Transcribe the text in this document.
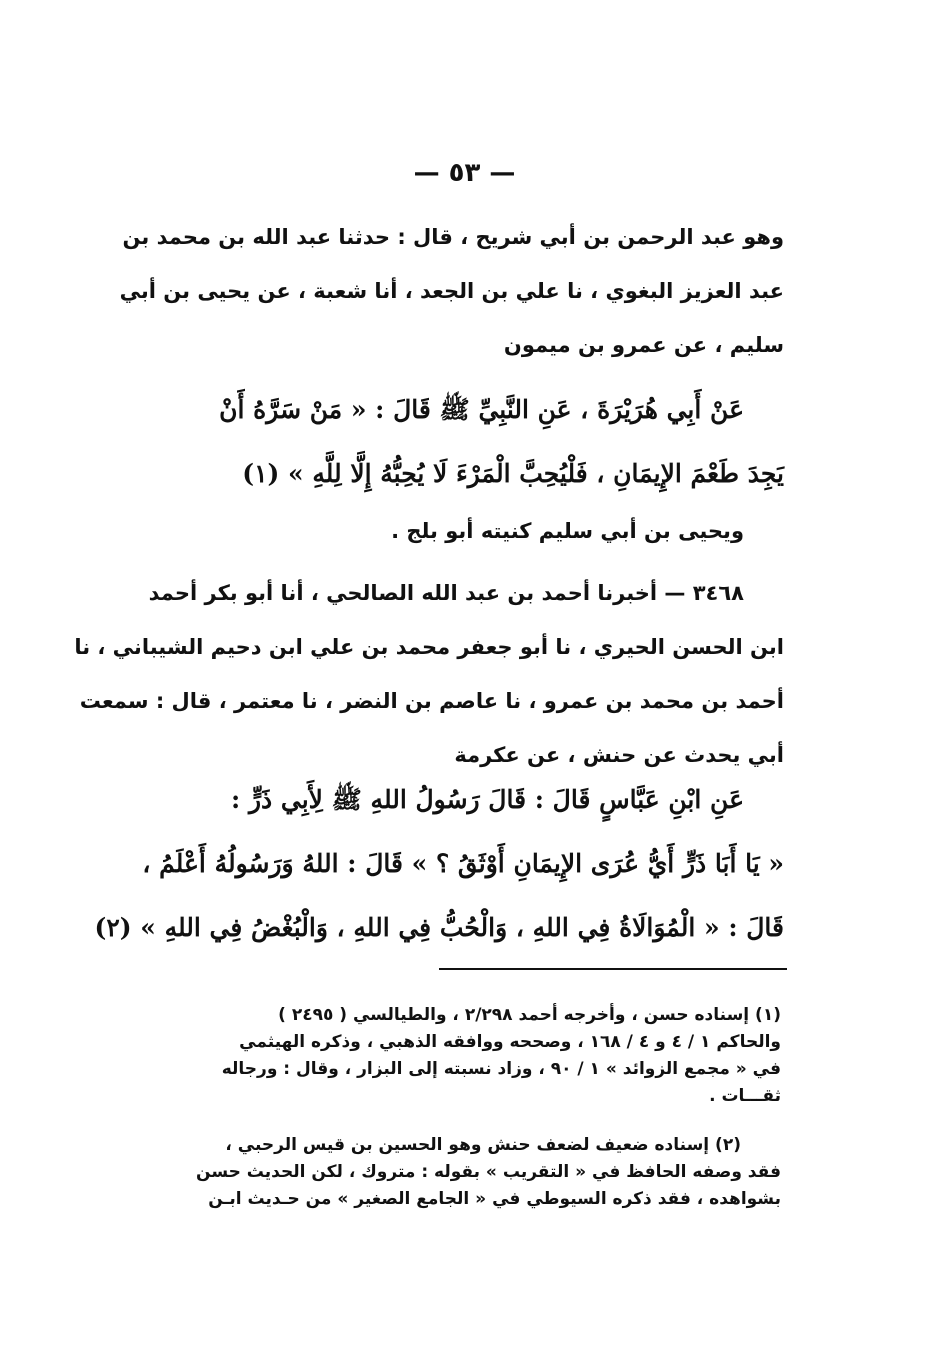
— ٥٣ —
وهو عبد الرحمن بن أبي شريح ، قال : حدثنا عبد الله بن محمد بن
عبد العزيز البغوي ، نا علي بن الجعد ، أنا شعبة ، عن يحيى بن أبي
سليم ، عن عمرو بن ميمون
عَنْ أَبِي هُرَيْرَةَ ، عَنِ النَّبِيِّ ﷺ قَالَ : « مَنْ سَرَّهُ أَنْ
يَجِدَ طَعْمَ الإِيمَانِ ، فَلْيُحِبَّ الْمَرْءَ لَا يُحِبُّهُ إِلَّا لِلَّهِ » (١)
ويحيى بن أبي سليم كنيته أبو بلج .
٣٤٦٨ — أخبرنا أحمد بن عبد الله الصالحي ، أنا أبو بكر أحمد
ابن الحسن الحيري ، نا أبو جعفر محمد بن علي ابن دحيم الشيباني ، نا
أحمد بن محمد بن عمرو ، نا عاصم بن النضر ، نا معتمر ، قال : سمعت
أبي يحدث عن حنش ، عن عكرمة
عَنِ ابْنِ عَبَّاسٍ قَالَ : قَالَ رَسُولُ اللهِ ﷺ لِأَبِي ذَرٍّ :
« يَا أَبَا ذَرٍّ أَيُّ عُرَى الإِيمَانِ أَوْثَقُ ؟ » قَالَ : اللهُ وَرَسُولُهُ أَعْلَمُ ،
قَالَ : « الْمُوَالَاةُ فِي اللهِ ، وَالْحُبُّ فِي اللهِ ، وَالْبُغْضُ فِي اللهِ » (٢)
(١) إسناده حسن ، وأخرجه أحمد ٢/٢٩٨ ، والطيالسي ( ٢٤٩٥ )
والحاكم ١ / ٤ و ٤ / ١٦٨ ، وصححه ووافقه الذهبي ، وذكره الهيثمي
في « مجمع الزوائد » ١ / ٩٠ ، وزاد نسبته إلى البزار ، وقال : ورجاله
ثقـــات .
(٢) إسناده ضعيف لضعف حنش وهو الحسين بن قيس الرحبي ،
فقد وصفه الحافظ في « التقريب » بقوله : متروك ، لكن الحديث حسن
بشواهده ، فقد ذكره السيوطي في « الجامع الصغير » من حـديث ابـن
